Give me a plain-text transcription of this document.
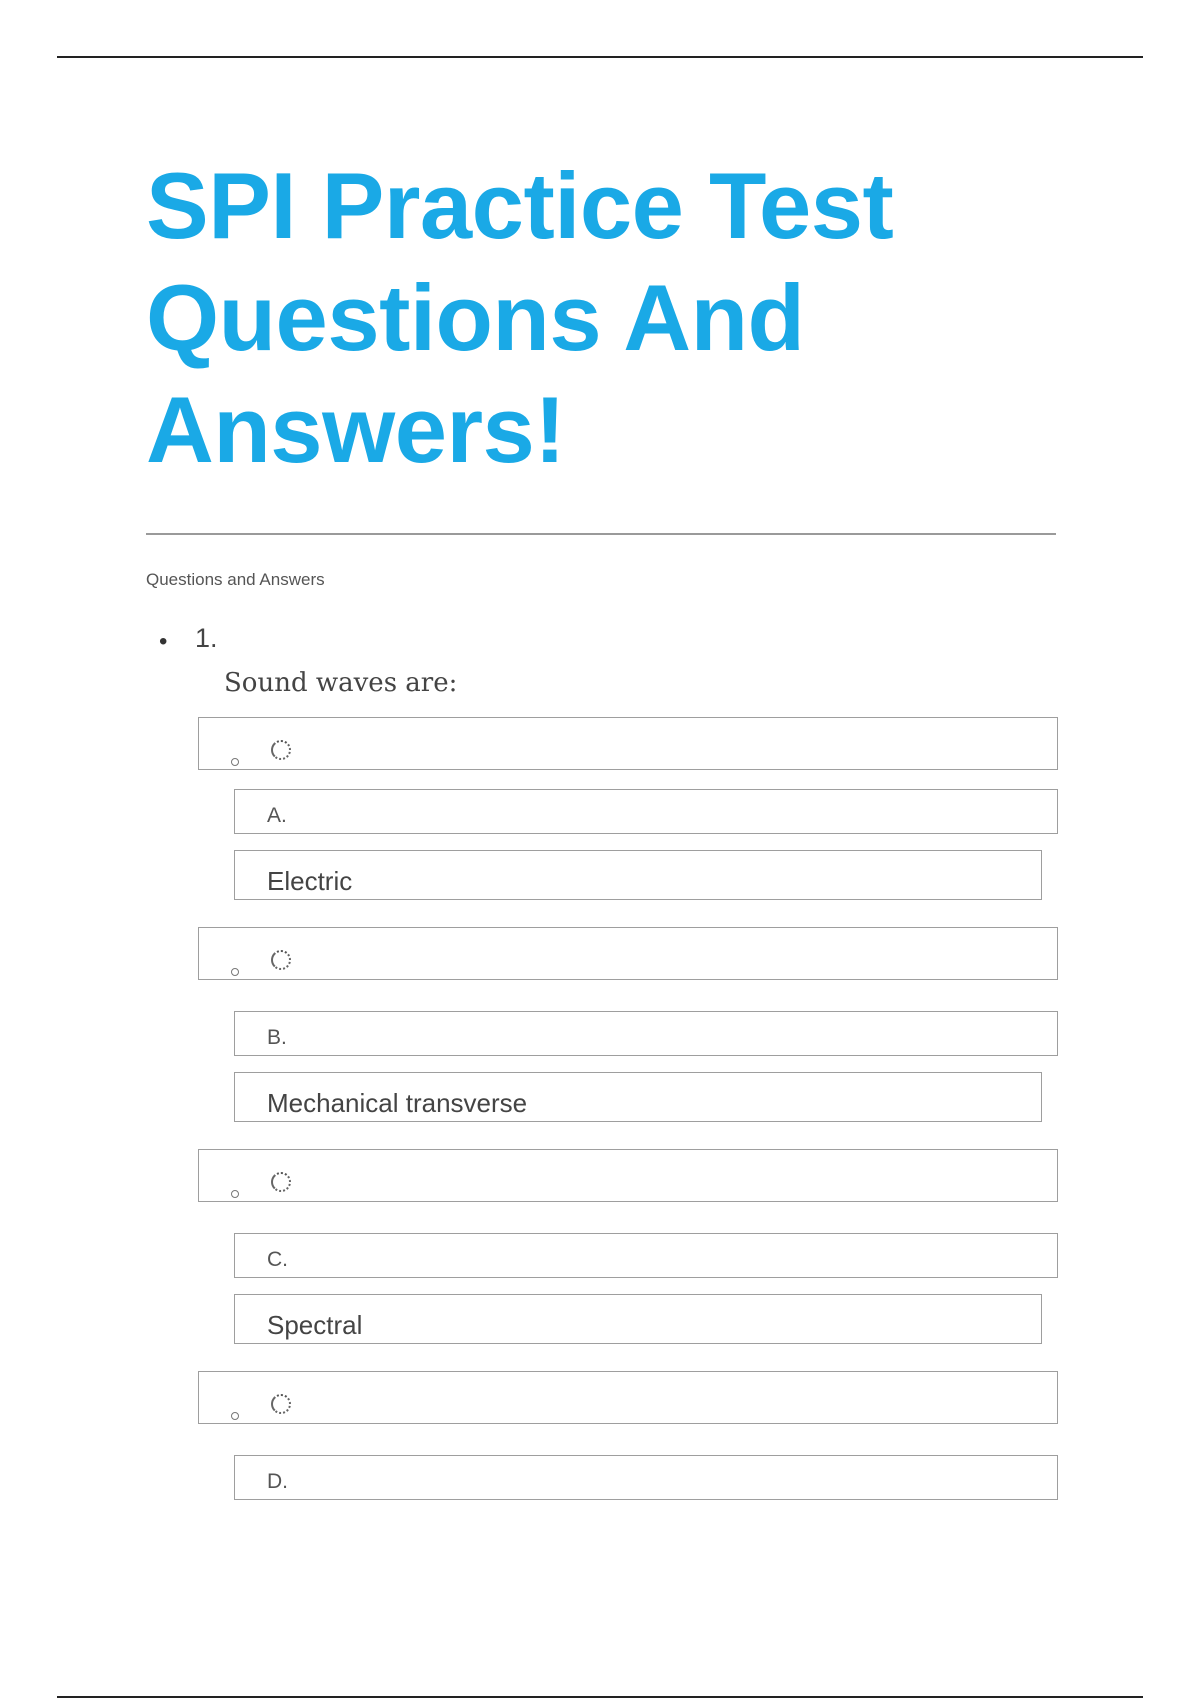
SPI Practice Test Questions And Answers!
Questions and Answers
• 1.
Sound waves are:
A.
Electric
B.
Mechanical transverse
C.
Spectral
D.
